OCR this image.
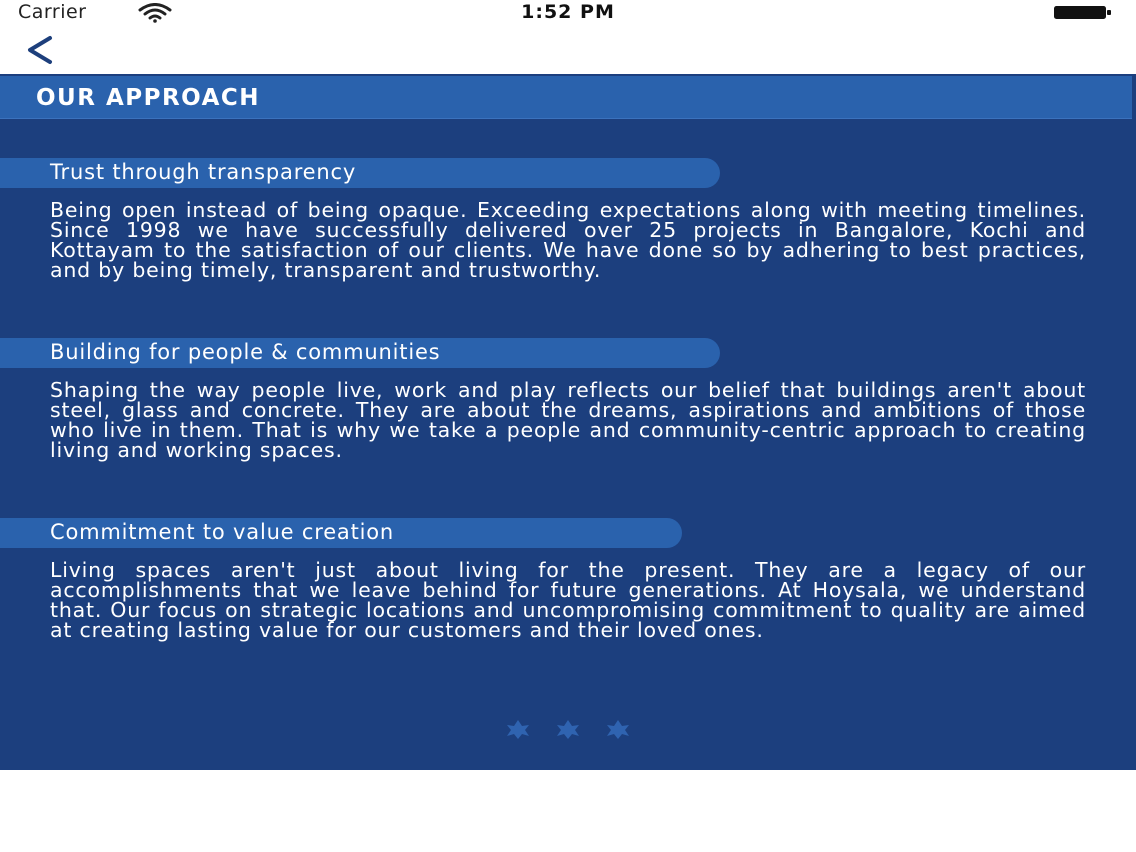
Carrier	1:52 PM
OUR APPROACH
Trust through transparency
Being open instead of being opaque. Exceeding expectations along with meeting timelines. Since 1998 we have successfully delivered over 25 projects in Bangalore, Kochi and Kottayam to the satisfaction of our clients. We have done so by adhering to best practices, and by being timely, transparent and trustworthy.
Building for people & communities
Shaping the way people live, work and play reflects our belief that buildings aren't about steel, glass and concrete. They are about the dreams, aspirations and ambitions of those who live in them. That is why we take a people and community-centric approach to creating living and working spaces.
Commitment to value creation
Living spaces aren't just about living for the present. They are a legacy of our accomplishments that we leave behind for future generations. At Hoysala, we understand that. Our focus on strategic locations and uncompromising commitment to quality are aimed at creating lasting value for our customers and their loved ones.
